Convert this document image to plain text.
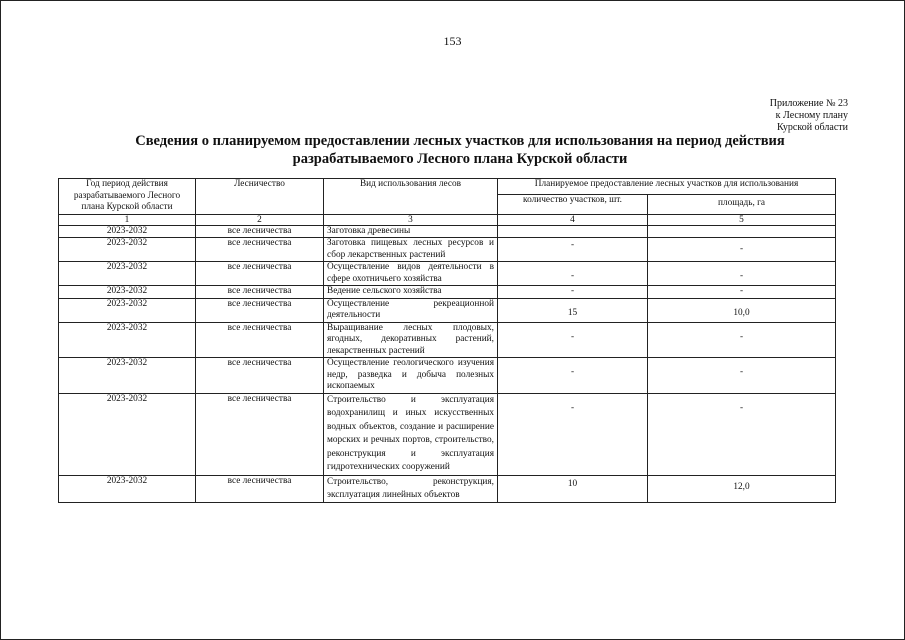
153
Приложение № 23
к Лесному плану
Курской области
Сведения о планируемом предоставлении лесных участков для использования на период действия
разрабатываемого Лесного плана Курской области
Год период действия разрабатываемого Лесного плана Курской области	Лесничество	Вид использования лесов	Планируемое предоставление лесных участков для использования	
			количество участков, шт.	площадь, га
1	2	3	4	5
2023-2032	все лесничества	Заготовка древесины		
2023-2032	все лесничества	Заготовка пищевых лесных ресурсов и сбор лекарственных растений	-	-
2023-2032	все лесничества	Осуществление видов деятельности в сфере охотничьего хозяйства	-	-
2023-2032	все лесничества	Ведение сельского хозяйства	-	-
2023-2032	все лесничества	Осуществление рекреационной деятельности	15	10,0
2023-2032	все лесничества	Выращивание лесных плодовых, ягодных, декоративных растений, лекарственных растений	-	-
2023-2032	все лесничества	Осуществление геологического изучения недр, разведка и добыча полезных ископаемых	-	-
2023-2032	все лесничества	Строительство и эксплуатация водохранилищ и иных искусственных водных объектов, создание и расширение морских и речных портов, строительство, реконструкция и эксплуатация гидротехнических сооружений	-	-
2023-2032	все лесничества	Строительство, реконструкция, эксплуатация линейных объектов	10	12,0
